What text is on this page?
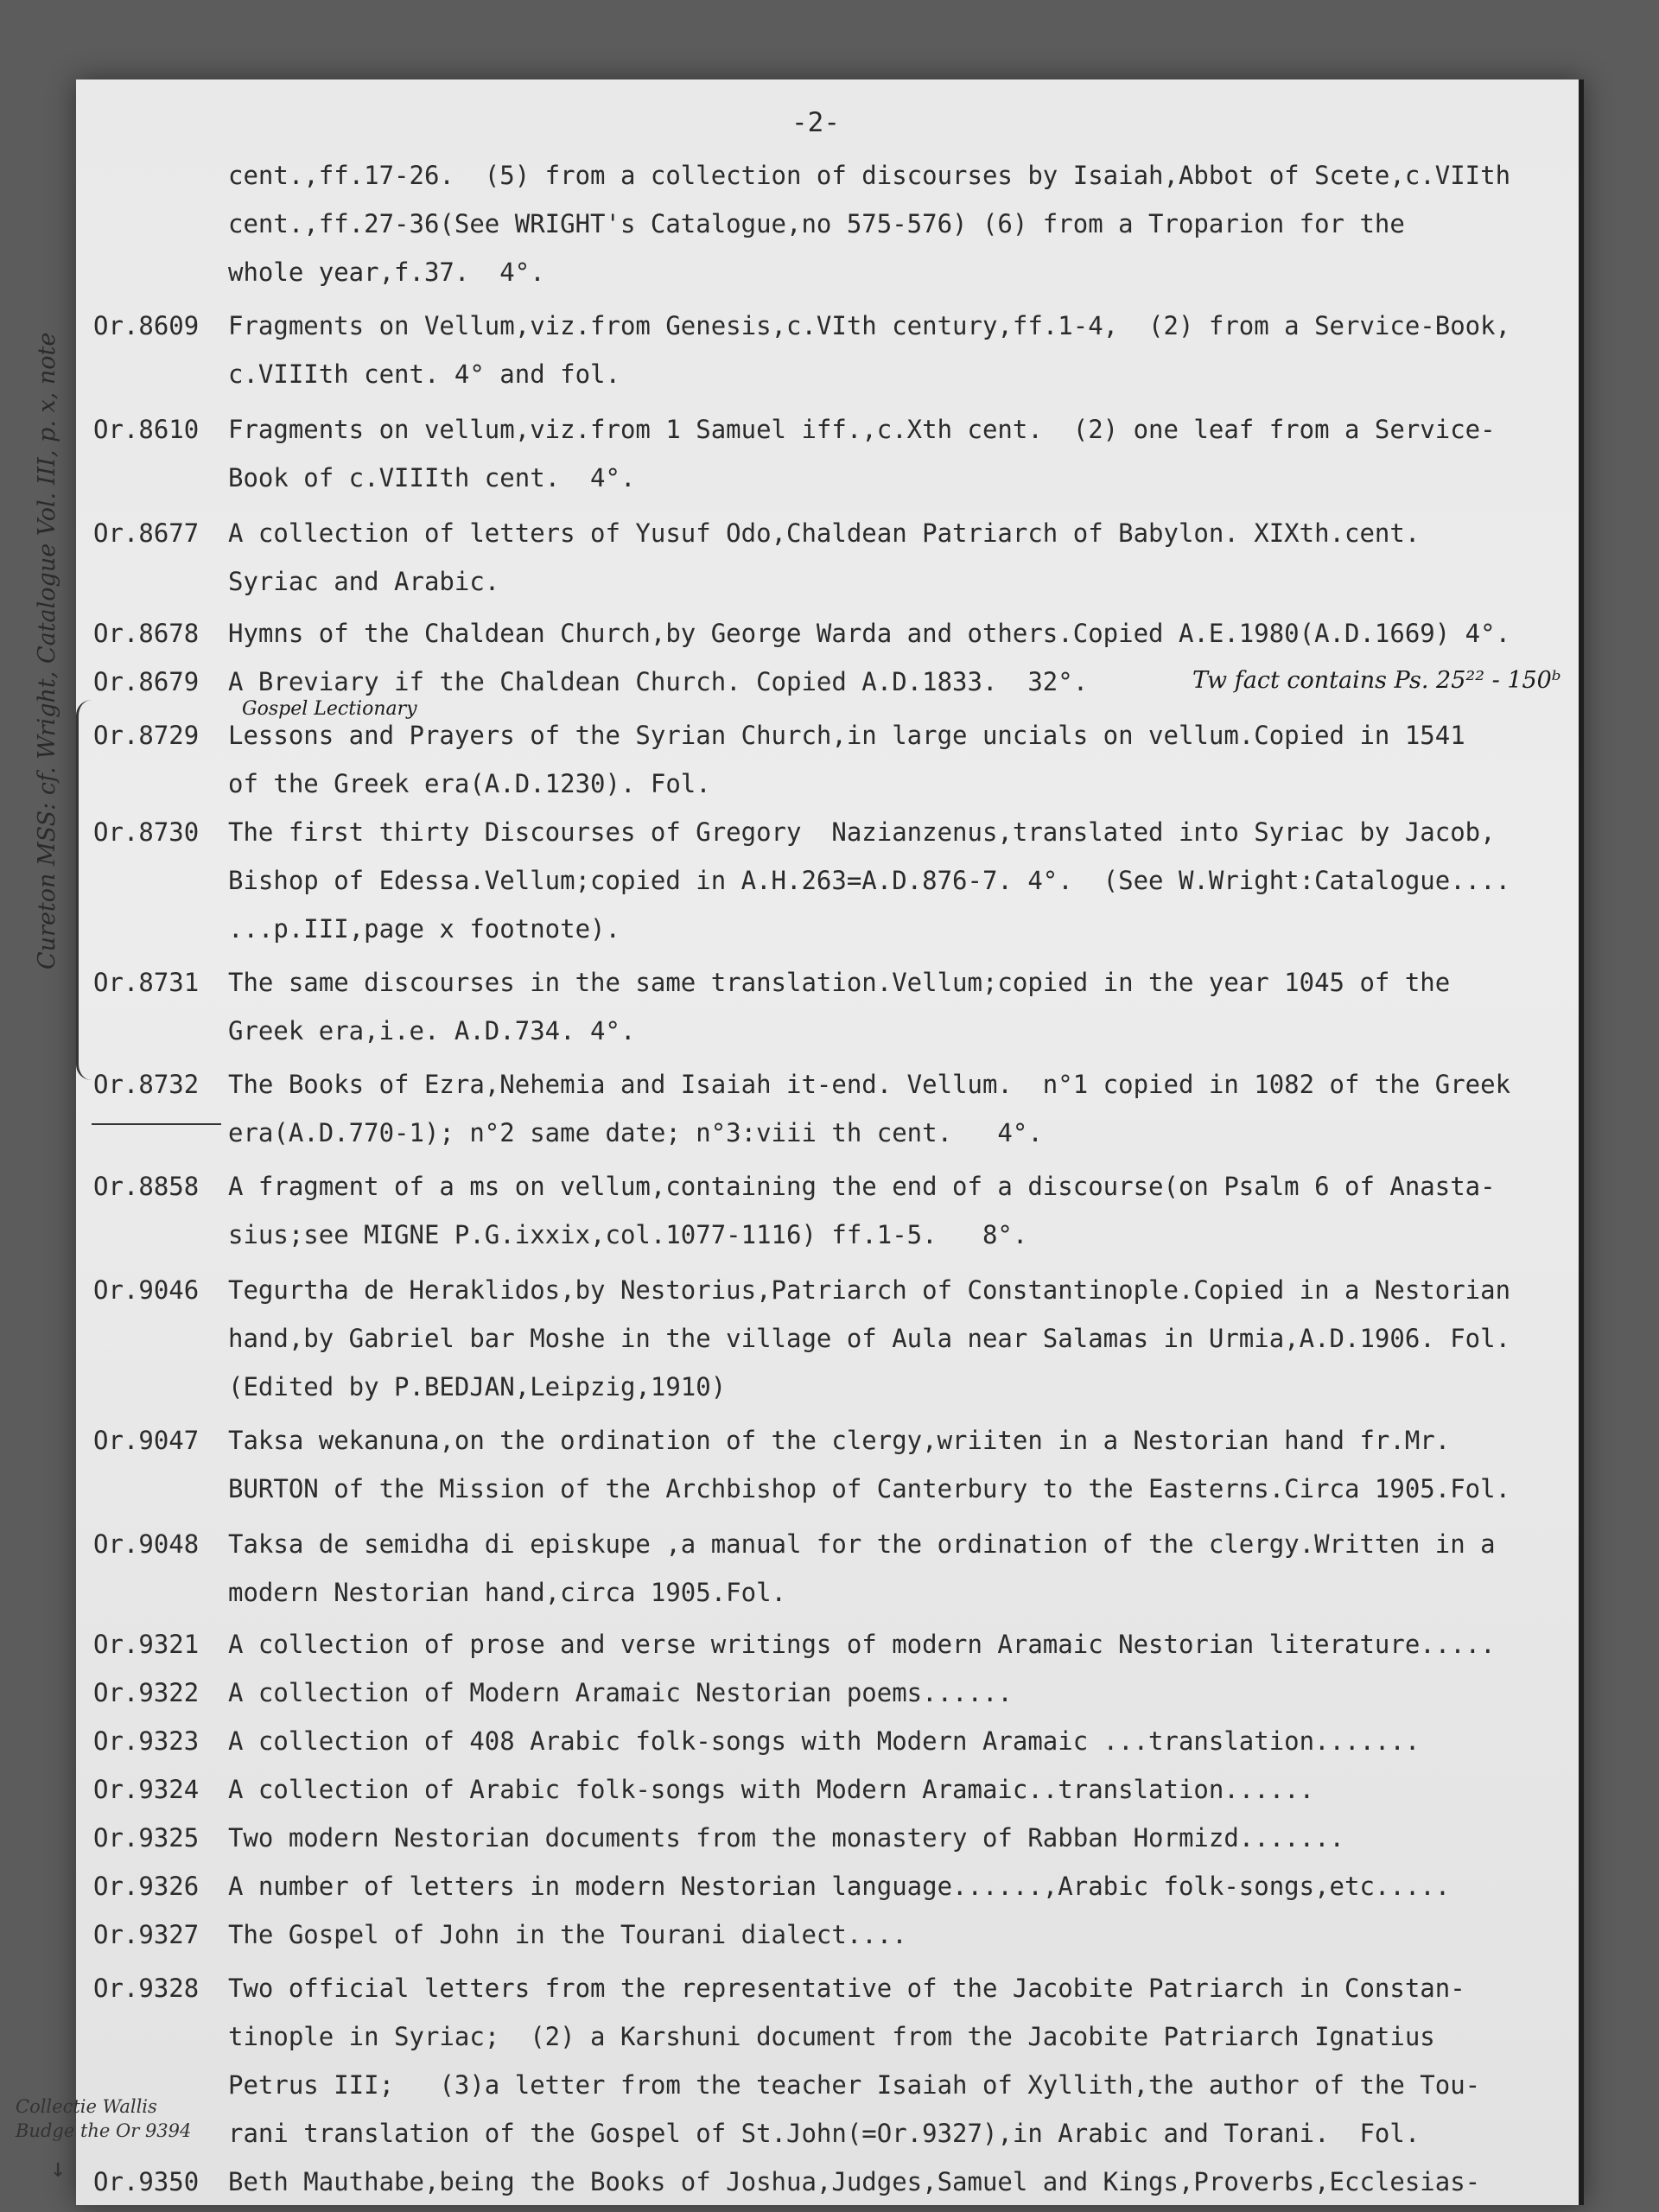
-2-
cent.,ff.17-26.  (5) from a collection of discourses by Isaiah,Abbot of Scete,c.VIIth
cent.,ff.27-36(See WRIGHT's Catalogue,no 575-576) (6) from a Troparion for the
whole year,f.37.  4°.
Or.8609	Fragments on Vellum,viz.from Genesis,c.VIth century,ff.1-4,  (2) from a Service-Book,
c.VIIIth cent. 4° and fol.
Or.8610	Fragments on vellum,viz.from 1 Samuel iff.,c.Xth cent.  (2) one leaf from a Service-
Book of c.VIIIth cent.  4°.
Or.8677	A collection of letters of Yusuf Odo,Chaldean Patriarch of Babylon. XIXth.cent.
Syriac and Arabic.
Or.8678	Hymns of the Chaldean Church,by George Warda and others.Copied A.E.1980(A.D.1669) 4°.
Or.8679	A Breviary if the Chaldean Church. Copied A.D.1833.  32°.
Or.8729	Lessons and Prayers of the Syrian Church,in large uncials on vellum.Copied in 1541
of the Greek era(A.D.1230). Fol.
Or.8730	The first thirty Discourses of Gregory  Nazianzenus,translated into Syriac by Jacob,
Bishop of Edessa.Vellum;copied in A.H.263=A.D.876-7. 4°.  (See W.Wright:Catalogue....
...p.III,page x footnote).
Or.8731	The same discourses in the same translation.Vellum;copied in the year 1045 of the
Greek era,i.e. A.D.734. 4°.
Or.8732	The Books of Ezra,Nehemia and Isaiah it-end. Vellum.  n°1 copied in 1082 of the Greek
era(A.D.770-1); n°2 same date; n°3:viii th cent.   4°.
Or.8858	A fragment of a ms on vellum,containing the end of a discourse(on Psalm 6 of Anasta-
sius;see MIGNE P.G.ixxix,col.1077-1116) ff.1-5.   8°.
Or.9046	Tegurtha de Heraklidos,by Nestorius,Patriarch of Constantinople.Copied in a Nestorian
hand,by Gabriel bar Moshe in the village of Aula near Salamas in Urmia,A.D.1906. Fol.
(Edited by P.BEDJAN,Leipzig,1910)
Or.9047	Taksa wekanuna,on the ordination of the clergy,wriiten in a Nestorian hand fr.Mr.
BURTON of the Mission of the Archbishop of Canterbury to the Easterns.Circa 1905.Fol.
Or.9048	Taksa de semidha di episkupe ,a manual for the ordination of the clergy.Written in a
modern Nestorian hand,circa 1905.Fol.
Or.9321	A collection of prose and verse writings of modern Aramaic Nestorian literature.....
Or.9322	A collection of Modern Aramaic Nestorian poems......
Or.9323	A collection of 408 Arabic folk-songs with Modern Aramaic ...translation.......
Or.9324	A collection of Arabic folk-songs with Modern Aramaic..translation......
Or.9325	Two modern Nestorian documents from the monastery of Rabban Hormizd.......
Or.9326	A number of letters in modern Nestorian language......,Arabic folk-songs,etc.....
Or.9327	The Gospel of John in the Tourani dialect....
Or.9328	Two official letters from the representative of the Jacobite Patriarch in Constan-
tinople in Syriac;  (2) a Karshuni document from the Jacobite Patriarch Ignatius
Petrus III;   (3)a letter from the teacher Isaiah of Xyllith,the author of the Tou-
rani translation of the Gospel of St.John(=Or.9327),in Arabic and Torani.  Fol.
Or.9350	Beth Mauthabe,being the Books of Joshua,Judges,Samuel and Kings,Proverbs,Ecclesias-
Cureton MSS: cf. Wright, Catalogue Vol. III, p. x, note	Gospel Lectionary
Tw fact contains Ps. 25²² - 150ᵇ
Collectie Wallis
Budge the Or 9394
↓
